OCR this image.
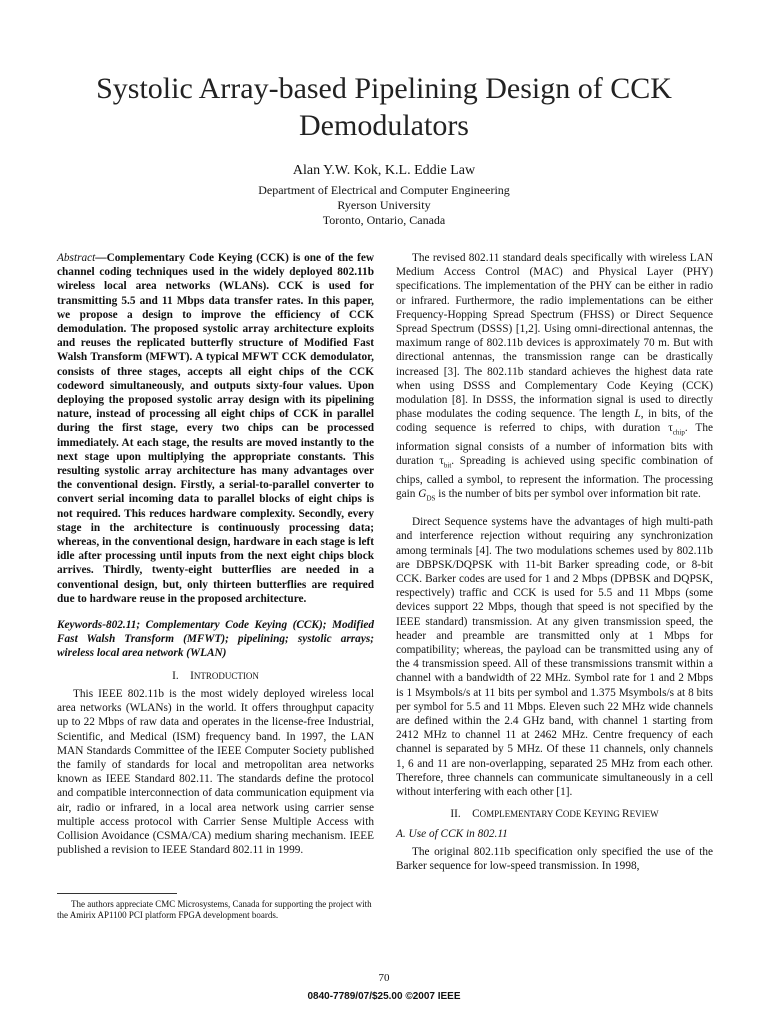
Systolic Array-based Pipelining Design of CCK Demodulators
Alan Y.W. Kok, K.L. Eddie Law
Department of Electrical and Computer Engineering
Ryerson University
Toronto, Ontario, Canada

Abstract—Complementary Code Keying (CCK) is one of the few channel coding techniques used in the widely deployed 802.11b wireless local area networks (WLANs). CCK is used for transmitting 5.5 and 11 Mbps data transfer rates. In this paper, we propose a design to improve the efficiency of CCK demodulation. The proposed systolic array architecture exploits and reuses the replicated butterfly structure of Modified Fast Walsh Transform (MFWT). A typical MFWT CCK demodulator, consists of three stages, accepts all eight chips of the CCK codeword simultaneously, and outputs sixty-four values. Upon deploying the proposed systolic array design with its pipelining nature, instead of processing all eight chips of CCK in parallel during the first stage, every two chips can be processed immediately. At each stage, the results are moved instantly to the next stage upon multiplying the appropriate constants. This resulting systolic array architecture has many advantages over the conventional design. Firstly, a serial-to-parallel converter to convert serial incoming data to parallel blocks of eight chips is not required. This reduces hardware complexity. Secondly, every stage in the architecture is continuously processing data; whereas, in the conventional design, hardware in each stage is left idle after processing until inputs from the next eight chips block arrives. Thirdly, twenty-eight butterflies are needed in a conventional design, but, only thirteen butterflies are required due to hardware reuse in the proposed architecture.

Keywords-802.11; Complementary Code Keying (CCK); Modified Fast Walsh Transform (MFWT); pipelining; systolic arrays; wireless local area network (WLAN)

I. INTRODUCTION

This IEEE 802.11b is the most widely deployed wireless local area networks (WLANs) in the world. It offers throughput capacity up to 22 Mbps of raw data and operates in the license-free Industrial, Scientific, and Medical (ISM) frequency band. In 1997, the LAN MAN Standards Committee of the IEEE Computer Society published the family of standards for local and metropolitan area networks known as IEEE Standard 802.11. The standards define the protocol and compatible interconnection of data communication equipment via air, radio or infrared, in a local area network using carrier sense multiple access protocol with Carrier Sense Multiple Access with Collision Avoidance (CSMA/CA) medium sharing mechanism. IEEE published a revision to IEEE Standard 802.11 in 1999.

The authors appreciate CMC Microsystems, Canada for supporting the project with the Amirix AP1100 PCI platform FPGA development boards.

The revised 802.11 standard deals specifically with wireless LAN Medium Access Control (MAC) and Physical Layer (PHY) specifications. The implementation of the PHY can be either in radio or infrared. Furthermore, the radio implementations can be either Frequency-Hopping Spread Spectrum (FHSS) or Direct Sequence Spread Spectrum (DSSS) [1,2]. Using omni-directional antennas, the maximum range of 802.11b devices is approximately 70 m. But with directional antennas, the transmission range can be drastically increased [3]. The 802.11b standard achieves the highest data rate when using DSSS and Complementary Code Keying (CCK) modulation [8]. In DSSS, the information signal is used to directly phase modulates the coding sequence. The length L, in bits, of the coding sequence is referred to chips, with duration $\tau_{chip}$. The information signal consists of a number of information bits with duration $\tau_{bit}$. Spreading is achieved using specific combination of chips, called a symbol, to represent the information. The processing gain $G_{DS}$ is the number of bits per symbol over information bit rate.

Direct Sequence systems have the advantages of high multi-path and interference rejection without requiring any synchronization among terminals [4]. The two modulations schemes used by 802.11b are DBPSK/DQPSK with 11-bit Barker spreading code, or 8-bit CCK. Barker codes are used for 1 and 2 Mbps (DPBSK and DQPSK, respectively) traffic and CCK is used for 5.5 and 11 Mbps (some devices support 22 Mbps, though that speed is not specified by the IEEE standard) transmission. At any given transmission speed, the header and preamble are transmitted only at 1 Mbps for compatibility; whereas, the payload can be transmitted using any of the 4 transmission speed. All of these transmissions transmit within a channel with a bandwidth of 22 MHz. Symbol rate for 1 and 2 Mbps is 1 Msymbols/s at 11 bits per symbol and 1.375 Msymbols/s at 8 bits per symbol for 5.5 and 11 Mbps. Eleven such 22 MHz wide channels are defined within the 2.4 GHz band, with channel 1 starting from 2412 MHz to channel 11 at 2462 MHz. Centre frequency of each channel is separated by 5 MHz. Of these 11 channels, only channels 1, 6 and 11 are non-overlapping, separated 25 MHz from each other. Therefore, three channels can communicate simultaneously in a cell without interfering with each other [1].

II. COMPLEMENTARY CODE KEYING REVIEW
A. Use of CCK in 802.11

The original 802.11b specification only specified the use of the Barker sequence for low-speed transmission. In 1998,

70
0840-7789/07/$25.00 ©2007 IEEE
